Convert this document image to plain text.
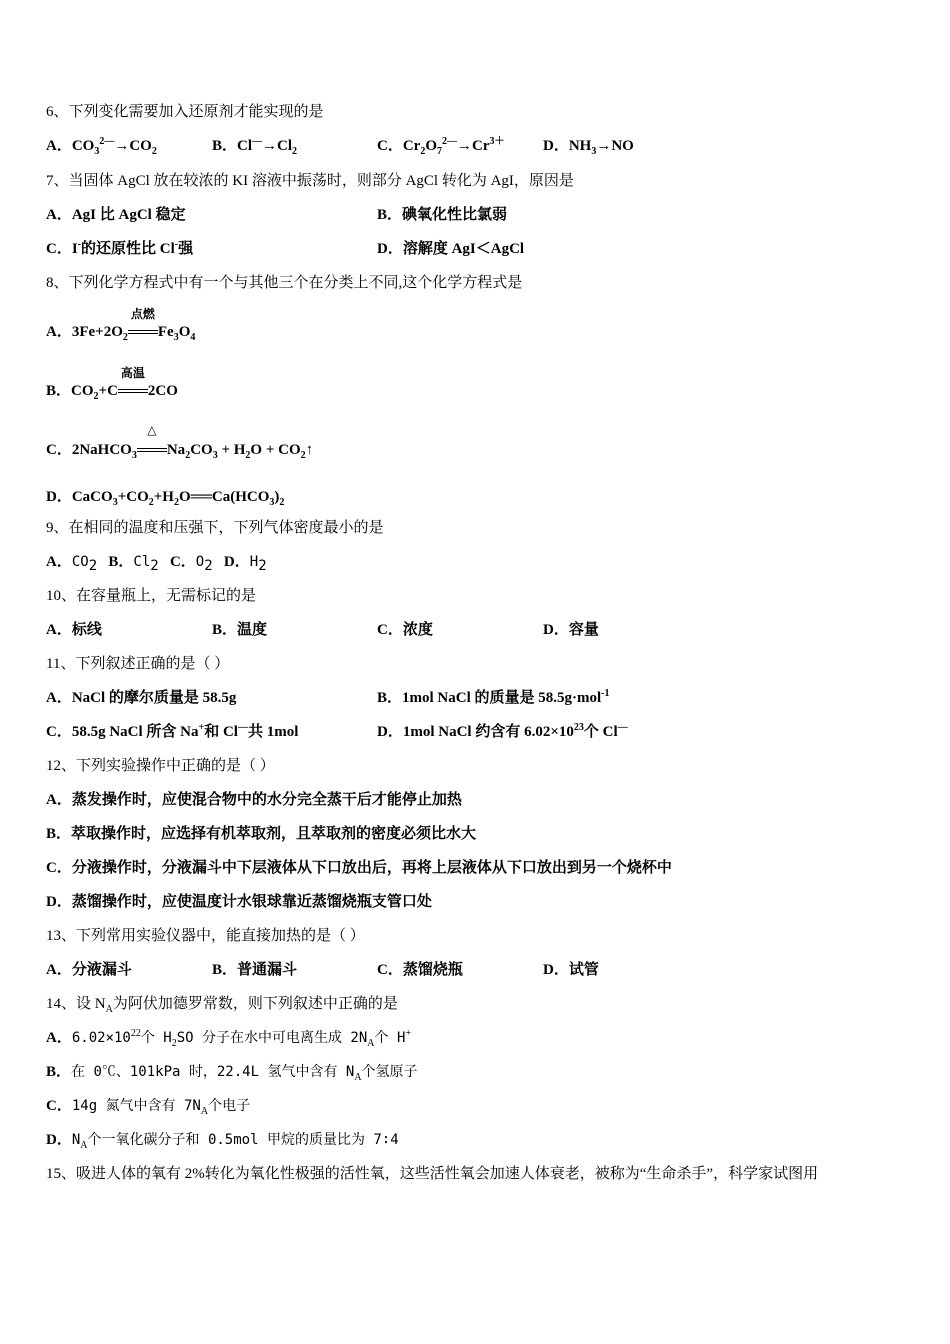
6、下列变化需要加入还原剂才能实现的是
A．$CO_3^{2—}\to CO_2$	B．$Cl^—\to Cl_2$	C．$Cr_2O_7^{2—}\to Cr^{3+}$	D．$NH_3\to NO$
7、当固体 AgCl 放在较浓的 KI 溶液中振荡时，则部分 AgCl 转化为 AgI，原因是
A．AgI 比 AgCl 稳定	B．碘氧化性比氯弱
C．I-的还原性比 Cl-强	D．溶解度 AgI＜AgCl
8、下列化学方程式中有一个与其他三个在分类上不同,这个化学方程式是
A．$3Fe+2O_2$
点燃
$Fe_3O_4$
B．$CO_2+C$
高温
2CO
C．2NaHCO$_3$
△
$Na_2CO_3 + H_2O$ + $CO_2↑$
D．$CaCO_3+CO_2+H_2O══Ca(HCO_3)_2$
9、在相同的温度和压强下，下列气体密度最小的是
A．$CO_2$ B．$Cl_2$ C．$O_2$ D．$H_2$
10、在容量瓶上，无需标记的是
A．标线	B．温度	C．浓度	D．容量
11、下列叙述正确的是（ ）
A．NaCl 的摩尔质量是 58.5g	B．1mol NaCl 的质量是 58.5g·mol$^{-1}$
C．58.5g NaCl 所含 Na+和 Cl—共 1mol	D．1mol NaCl 约含有 $6.02\times 10^{23}$个 Cl—
12、下列实验操作中正确的是（ ）
A．蒸发操作时，应使混合物中的水分完全蒸干后才能停止加热
B．萃取操作时，应选择有机萃取剂，且萃取剂的密度必须比水大
C．分液操作时，分液漏斗中下层液体从下口放出后，再将上层液体从下口放出到另一个烧杯中
D．蒸馏操作时，应使温度计水银球靠近蒸馏烧瓶支管口处
13、下列常用实验仪器中，能直接加热的是（ ）
A．分液漏斗	B．普通漏斗	C．蒸馏烧瓶	D．试管
14、设 $N_A$为阿伏加德罗常数，则下列叙述中正确的是
A．$6.02\times 10^{22}$个 $H_2SO$ 分子在水中可电离生成 $2N_A$个 H+
B．在 0℃、101kPa 时，22.4L 氢气中含有 $N_A$个氢原子
C．14g 氮气中含有 $7N_A$个电子
D．$N_A$个一氧化碳分子和 0.5mol 甲烷的质量比为 7∶4
15、吸进人体的氧有 2%转化为氧化性极强的活性氧，这些活性氧会加速人体衰老，被称为“生命杀手”，科学家试图用
